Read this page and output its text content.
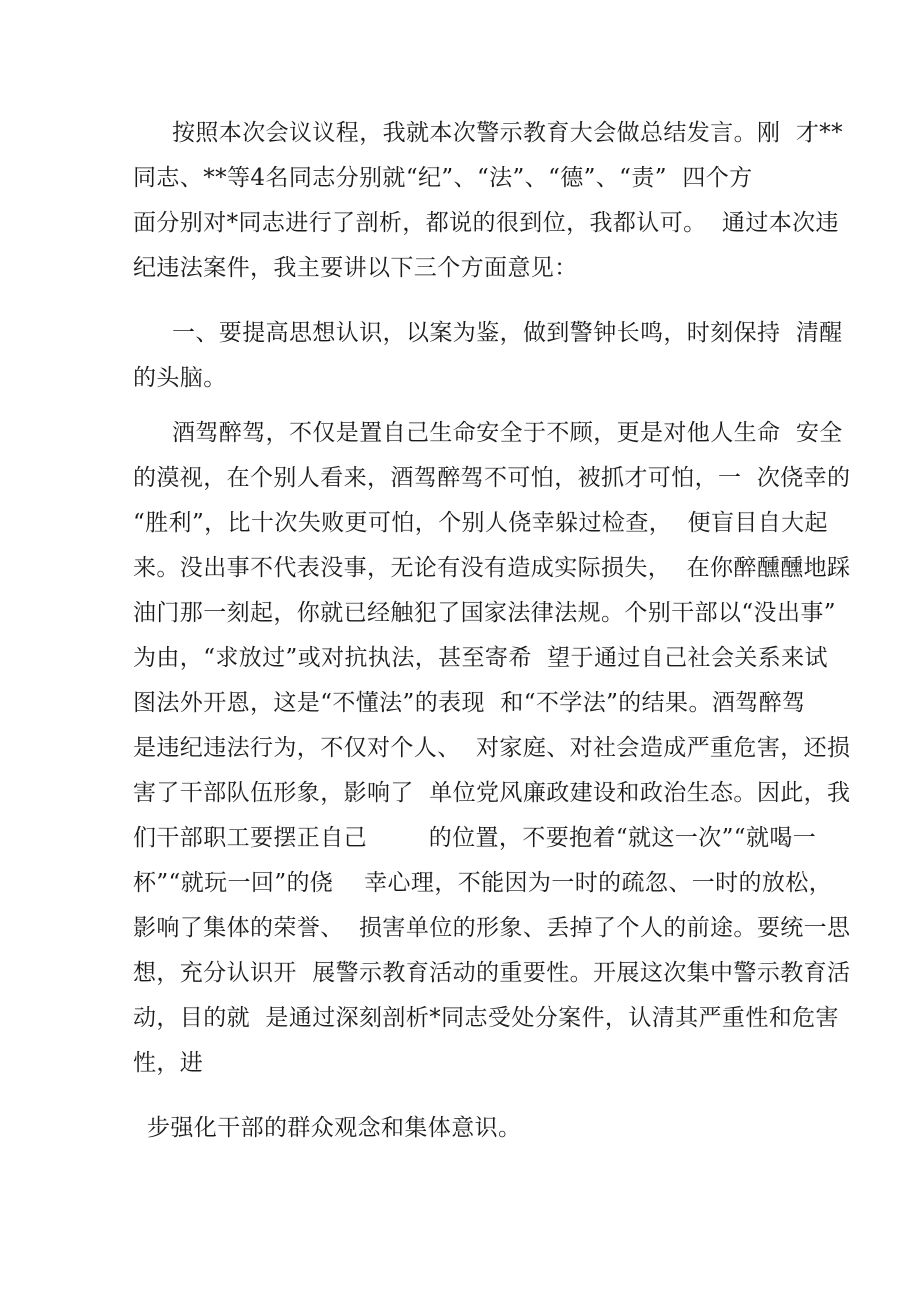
按照本次会议议程，我就本次警示教育大会做总结发言。刚  才**
同志、**等4名同志分别就“纪”、“法”、“德”、“责”  四个方
面分别对*同志进行了剖析，都说的很到位，我都认可。  通过本次违
纪违法案件，我主要讲以下三个方面意见：
一、要提高思想认识，以案为鉴，做到警钟长鸣，时刻保持  清醒
的头脑。
酒驾醉驾，不仅是置自己生命安全于不顾，更是对他人生命  安全
的漠视，在个别人看来，酒驾醉驾不可怕，被抓才可怕，一  次侥幸的
“胜利”，比十次失败更可怕，个别人侥幸躲过检查，  便盲目自大起
来。没出事不代表没事，无论有没有造成实际损失，  在你醉醺醺地踩
油门那一刻起，你就已经触犯了国家法律法规。个别干部以“没出事”
为由，“求放过”或对抗执法，甚至寄希  望于通过自己社会关系来试
图法外开恩，这是“不懂法”的表现  和“不学法”的结果。酒驾醉驾
是违纪违法行为，不仅对个人、  对家庭、对社会造成严重危害，还损
害了干部队伍形象，影响了  单位党风廉政建设和政治生态。因此，我
们干部职工要摆正自己        的位置，不要抱着“就这一次”“就喝一
杯”“就玩一回”的侥    幸心理，不能因为一时的疏忽、一时的放松，
影响了集体的荣誉、  损害单位的形象、丢掉了个人的前途。要统一思
想，充分认识开  展警示教育活动的重要性。开展这次集中警示教育活
动，目的就  是通过深刻剖析*同志受处分案件，认清其严重性和危害
性，进
步强化干部的群众观念和集体意识。
